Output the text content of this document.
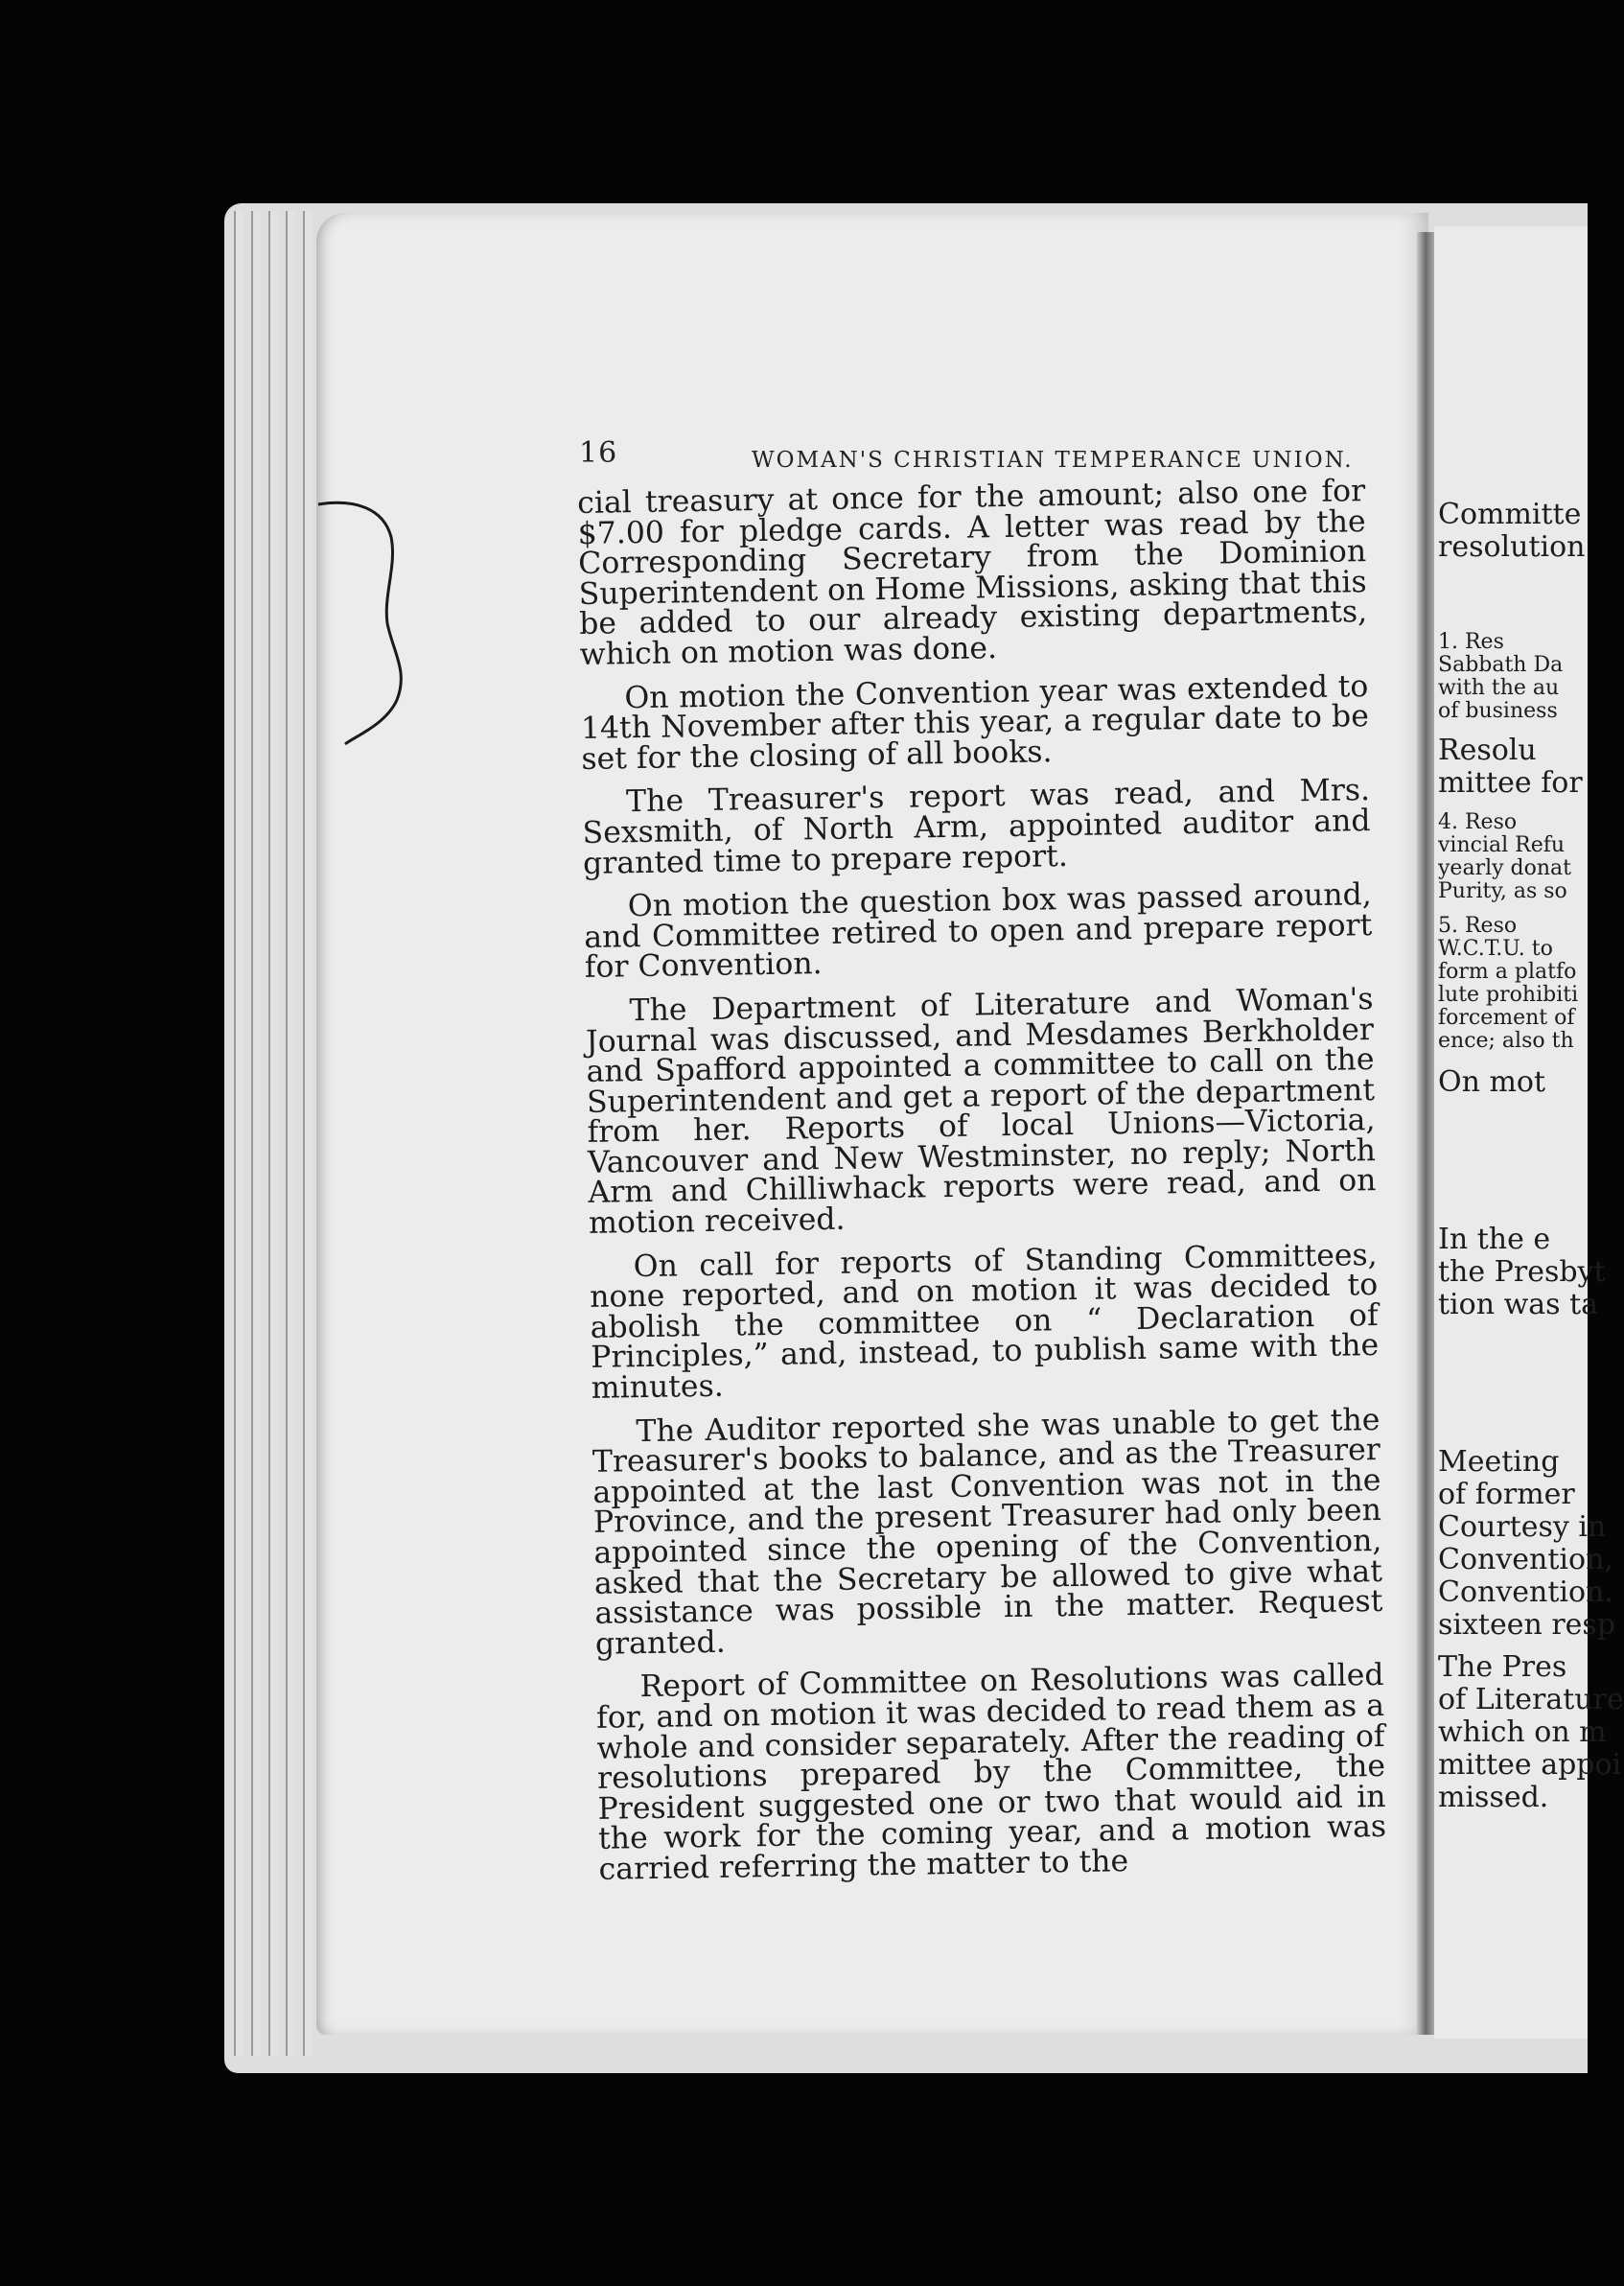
16	WOMAN'S CHRISTIAN TEMPERANCE UNION.

cial treasury at once for the amount; also one for $7.00 for pledge cards. A letter was read by the Corresponding Secretary from the Dominion Superintendent on Home Missions, asking that this be added to our already existing departments, which on motion was done.

On motion the Convention year was extended to 14th November after this year, a regular date to be set for the closing of all books.

The Treasurer's report was read, and Mrs. Sexsmith, of North Arm, appointed auditor and granted time to prepare report.

On motion the question box was passed around, and Committee retired to open and prepare report for Convention.

The Department of Literature and Woman's Journal was discussed, and Mesdames Berkholder and Spafford appointed a committee to call on the Superintendent and get a report of the department from her. Reports of local Unions—Victoria, Vancouver and New Westminster, no reply; North Arm and Chilliwhack reports were read, and on motion received.

On call for reports of Standing Committees, none reported, and on motion it was decided to abolish the committee on “ Declaration of Principles,” and, instead, to publish same with the minutes.

The Auditor reported she was unable to get the Treasurer's books to balance, and as the Treasurer appointed at the last Convention was not in the Province, and the present Treasurer had only been appointed since the opening of the Convention, asked that the Secretary be allowed to give what assistance was possible in the matter. Request granted.

Report of Committee on Resolutions was called for, and on motion it was decided to read them as a whole and consider separately. After the reading of resolutions prepared by the Committee, the President suggested one or two that would aid in the work for the coming year, and a motion was carried referring the matter to the

Committe
resolution
1. Res
Sabbath Da
with the au
of business
Resolu
mittee for
4. Reso
vincial Refu
yearly donat
Purity, as so
5. Reso
W.C.T.U. to
form a platfo
lute prohibiti
forcement of
ence; also th
On mot
In the e
the Presbyt
tion was ta
Meeting
of former
Courtesy in
Convention,
Convention.
sixteen resp
The Pres
of Literature
which on m
mittee appoi
missed.
